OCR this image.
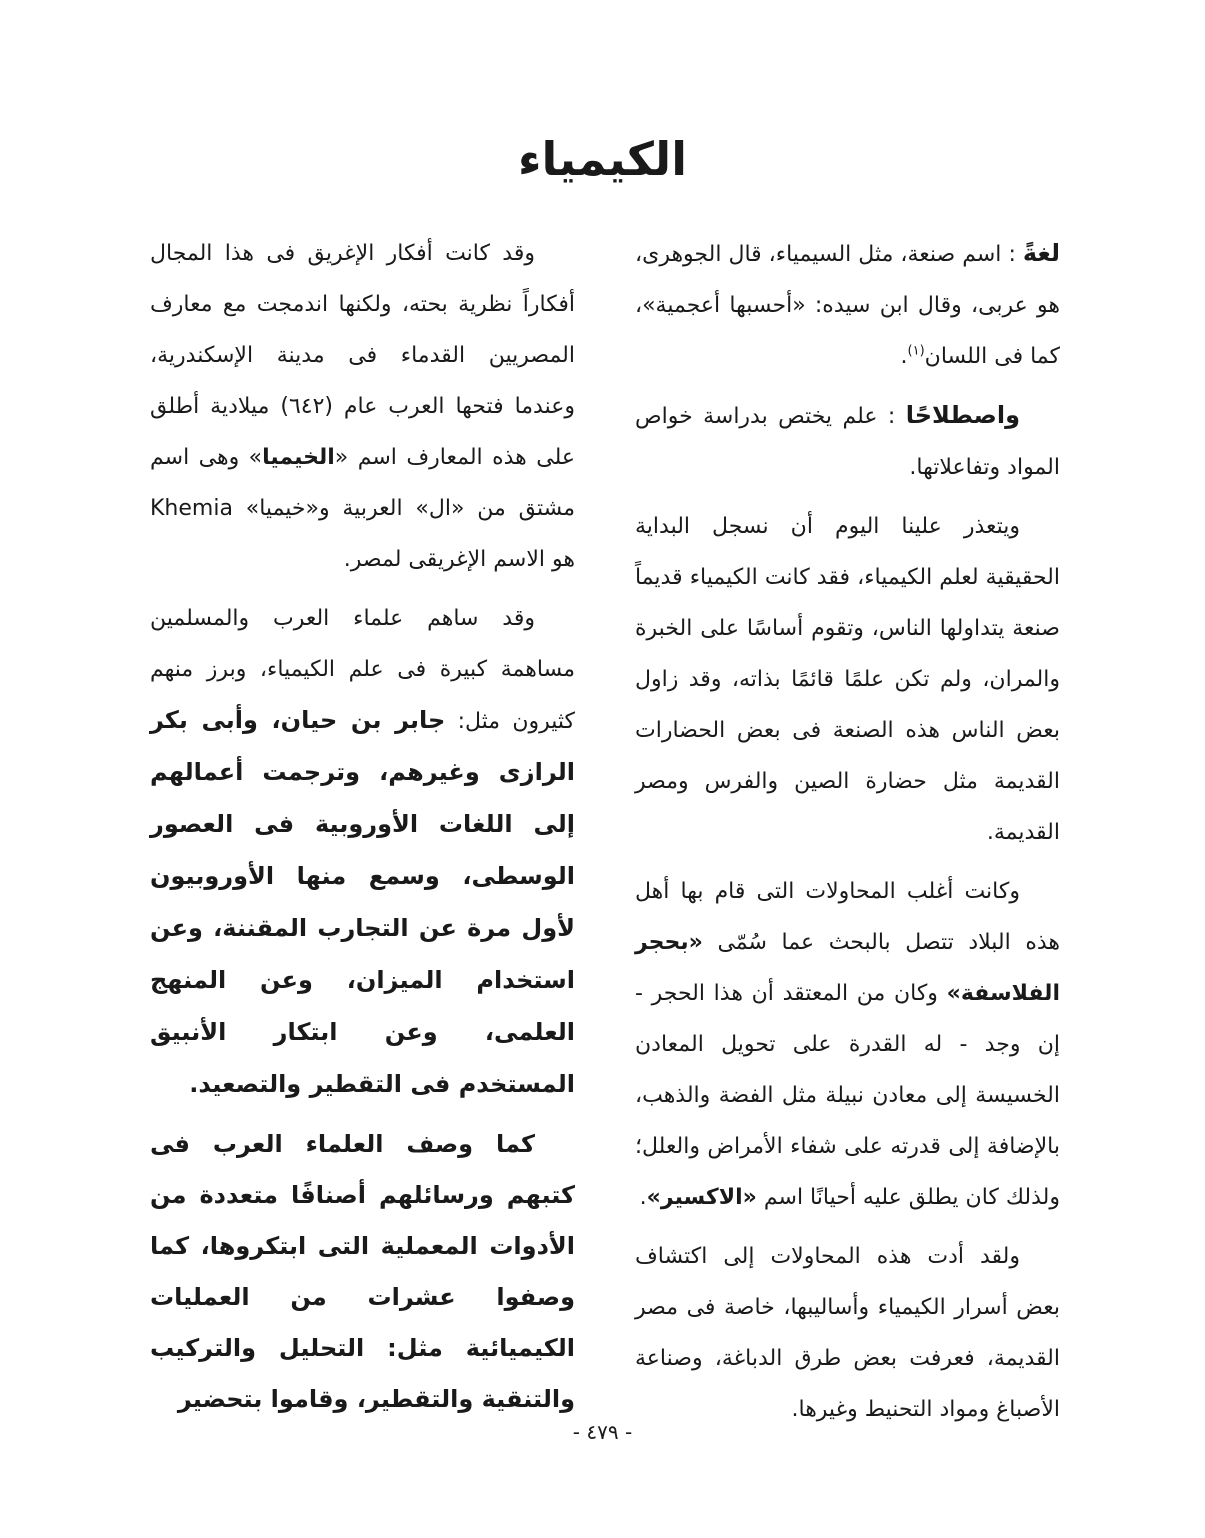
الكيمياء

لغةً : اسم صنعة، مثل السيمياء، قال الجوهرى، هو عربى، وقال ابن سيده: «أحسبها أعجمية»، كما فى اللسان$^{(١)}$.

واصطلاحًا : علم يختص بدراسة خواص المواد وتفاعلاتها.

ويتعذر علينا اليوم أن نسجل البداية الحقيقية لعلم الكيمياء، فقد كانت الكيمياء قديماً صنعة يتداولها الناس، وتقوم أساسًا على الخبرة والمران، ولم تكن علمًا قائمًا بذاته، وقد زاول بعض الناس هذه الصنعة فى بعض الحضارات القديمة مثل حضارة الصين والفرس ومصر القديمة.

وكانت أغلب المحاولات التى قام بها أهل هذه البلاد تتصل بالبحث عما سُمّى «بحجر الفلاسفة» وكان من المعتقد أن هذا الحجر - إن وجد - له القدرة على تحويل المعادن الخسيسة إلى معادن نبيلة مثل الفضة والذهب، بالإضافة إلى قدرته على شفاء الأمراض والعلل؛ ولذلك كان يطلق عليه أحيانًا اسم «الاكسير».

ولقد أدت هذه المحاولات إلى اكتشاف بعض أسرار الكيمياء وأساليبها، خاصة فى مصر القديمة، فعرفت بعض طرق الدباغة، وصناعة الأصباغ ومواد التحنيط وغيرها.

وقد كانت أفكار الإغريق فى هذا المجال أفكاراً نظرية بحته، ولكنها اندمجت مع معارف المصريين القدماء فى مدينة الإسكندرية، وعندما فتحها العرب عام (٦٤٢) ميلادية أطلق على هذه المعارف اسم «الخيميا» وهى اسم مشتق من «ال» العربية و«خيميا» Khemia هو الاسم الإغريقى لمصر.

وقد ساهم علماء العرب والمسلمين مساهمة كبيرة فى علم الكيمياء، وبرز منهم كثيرون مثل: جابر بن حيان، وأبى بكر الرازى وغيرهم، وترجمت أعمالهم إلى اللغات الأوروبية فى العصور الوسطى، وسمع منها الأوروبيون لأول مرة عن التجارب المقننة، وعن استخدام الميزان، وعن المنهج العلمى، وعن ابتكار الأنبيق المستخدم فى التقطير والتصعيد.

كما وصف العلماء العرب فى كتبهم ورسائلهم أصنافًا متعددة من الأدوات المعملية التى ابتكروها، كما وصفوا عشرات من العمليات الكيميائية مثل: التحليل والتركيب والتنقية والتقطير، وقاموا بتحضير

- ٤٧٩ -
